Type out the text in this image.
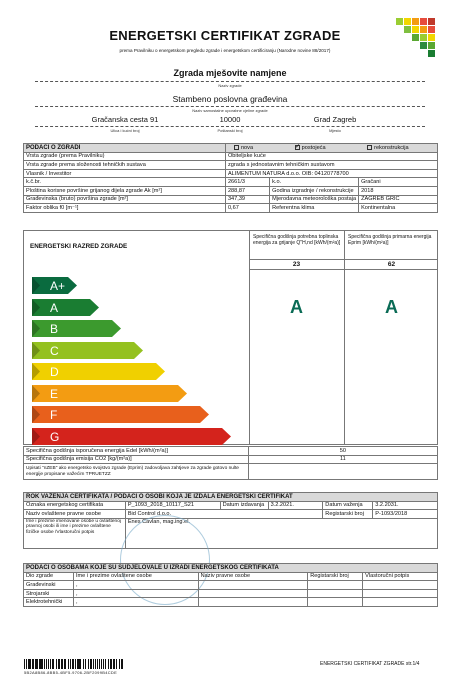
ENERGETSKI CERTIFIKAT ZGRADE
prema Pravilniku o energetskom pregledu zgrade i energetskom certificiranju (Narodne novine 88/2017)
Zgrada mješovite namjene
Naziv zgrade
Stambeno poslovna građevina
Naziv samostalne uporabne cjeline zgrade
Gračanska cesta 91	10000	Grad Zagreb
Ulica i kućni broj	Poštanski broj	Mjesto
PODACI O ZGRADI	nova ✓ postojeća rekonstrukcija
Vrsta zgrade (prema Pravilniku)	Obiteljske kuće		
Vrsta zgrade prema složenosti tehničkih sustava	zgrada s jednostavnim tehničkim sustavom		
Vlasnik / Investitor	ALIMENTUM NATURA d.o.o. OIB: 04120778700		
k.č.br.	2661/3	k.o.	Gračani
Ploština korisne površine grijanog dijela zgrade Ak [m²]	288,87	Godina izgradnje / rekonstrukcije	2018
Građevinska (bruto) površina zgrade [m²]	347,39	Mjerodavna meteorološka postaja	ZAGREB GRIČ
Faktor oblika f0 [m⁻¹]	0,67	Referentna klima	Kontinentalna
ENERGETSKI RAZRED ZGRADE
Specifična godišnja potrebna toplinska energija za grijanje Q''H,nd [kWh/(m²a)]
Specifična godišnja primarna energija Eprim [kWh/(m²a)]
23	62
A	A
A+
A
B
C
D
E
F
G
Specifična godišnja isporučena energija Edel [kWh/(m²a)]	50
Specifična godišnja emisija CO2 [kg/(m²a)]	11
Upisati "nZEB" ako energetsko svojstvo zgrade (Eprim) zadovoljava zahtjeve za zgrade gotovo nulte energije propisane važećim TPRUETZZ	
ROK VAŽENJA CERTIFIKATA / PODACI O OSOBI KOJA JE IZDALA ENERGETSKI CERTIFIKAT					
Oznaka energetskog certifikata	P_1093_2018_10117_S21	Datum izdavanja	3.2.2021.	Datum važenja	3.2.2031.
Naziv ovlaštene pravne osobe	Bid Control d.o.o.			Registarski broj	P-1093/2018
Ime i prezime imenovane osobe u ovlaštenoj pravnoj osobi ili ime i prezime ovlaštene fizičke osobe /Vlastoručni potpis	Enes Čavlan, mag.ing.el.				
PODACI O OSOBAMA KOJE SU SUDJELOVALE U IZRADI ENERGETSKOG CERTIFIKATA				
Dio zgrade	Ime i prezime ovlaštene osobe	Naziv pravne osobe	Registarski broj	Vlastoručni potpis
Građevinski	,			
Strojarski	,			
Elektrotehnički	,			
5B2A8B86-8BB5-4BF5-9706-2BF2099B4CDE
ENERGETSKI CERTIFIKAT ZGRADE str.1/4
